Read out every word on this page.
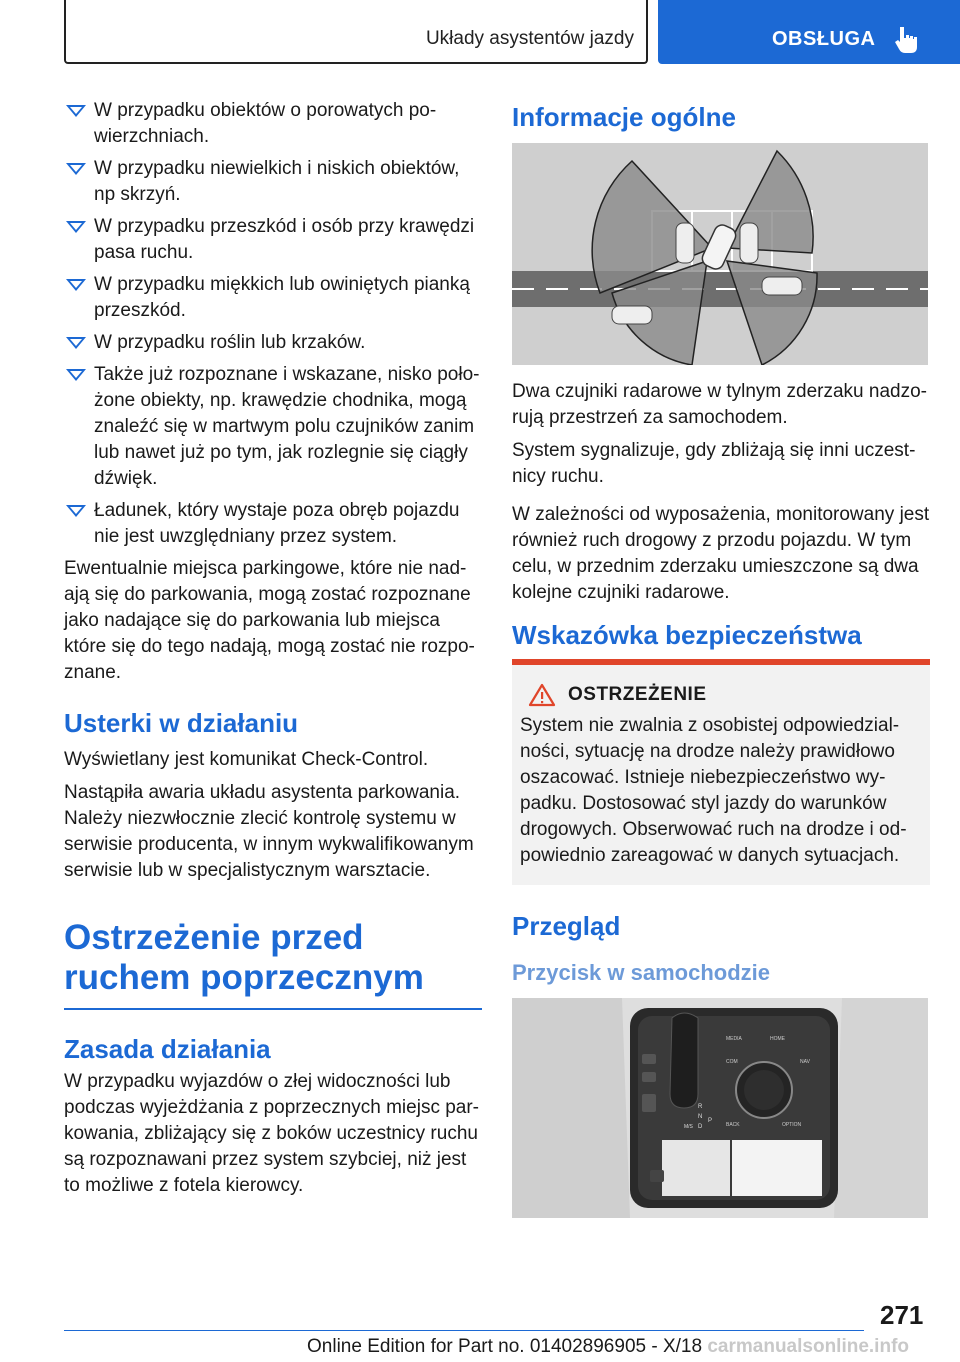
Układy asystentów jazdy	OBSŁUGA
W przypadku obiektów o porowatych po-wierzchniach.
W przypadku niewielkich i niskich obiektów, np skrzyń.
W przypadku przeszkód i osób przy krawędzi pasa ruchu.
W przypadku miękkich lub owiniętych pianką przeszkód.
W przypadku roślin lub krzaków.
Także już rozpoznane i wskazane, nisko poło-żone obiekty, np. krawędzie chodnika, mogą znaleźć się w martwym polu czujników zanim lub nawet już po tym, jak rozlegnie się ciągły dźwięk.
Ładunek, który wystaje poza obręb pojazdu nie jest uwzględniany przez system.

Ewentualnie miejsca parkingowe, które nie nad-ają się do parkowania, mogą zostać rozpoznane jako nadające się do parkowania lub miejsca które się do tego nadają, mogą zostać nie rozpo-znane.

Usterki w działaniu

Wyświetlany jest komunikat Check-Control.

Nastąpiła awaria układu asystenta parkowania. Należy niezwłocznie zlecić kontrolę systemu w serwisie producenta, w innym wykwalifikowanym serwisie lub w specjalistycznym warsztacie.

Ostrzeżenie przed ruchem poprzecznym
Zasada działania

W przypadku wyjazdów o złej widoczności lub podczas wyjeżdżania z poprzecznych miejsc par-kowania, zbliżający się z boków uczestnicy ruchu są rozpoznawani przez system szybciej, niż jest to możliwe z fotela kierowcy.

Informacje ogólne

Dwa czujniki radarowe w tylnym zderzaku nadzo-rują przestrzeń za samochodem.

System sygnalizuje, gdy zbliżają się inni uczest-nicy ruchu.

W zależności od wyposażenia, monitorowany jest również ruch drogowy z przodu pojazdu. W tym celu, w przednim zderzaku umieszczone są dwa kolejne czujniki radarowe.

Wskazówka bezpieczeństwa
OSTRZEŻENIE

System nie zwalnia z osobistej odpowiedzial-ności, sytuację na drodze należy prawidłowo oszacować. Istnieje niebezpieczeństwo wy-padku. Dostosować styl jazdy do warunków drogowych. Obserwować ruch na drodze i od-powiednio zareagować w danych sytuacjach.

Przegląd
Przycisk w samochodzie
MEDIA	HOME
COM	NAV
BACK	OPTION
R
N
D
P
M/S
271
Online Edition for Part no. 01402896905 - X/18 carmanualsonline.info
